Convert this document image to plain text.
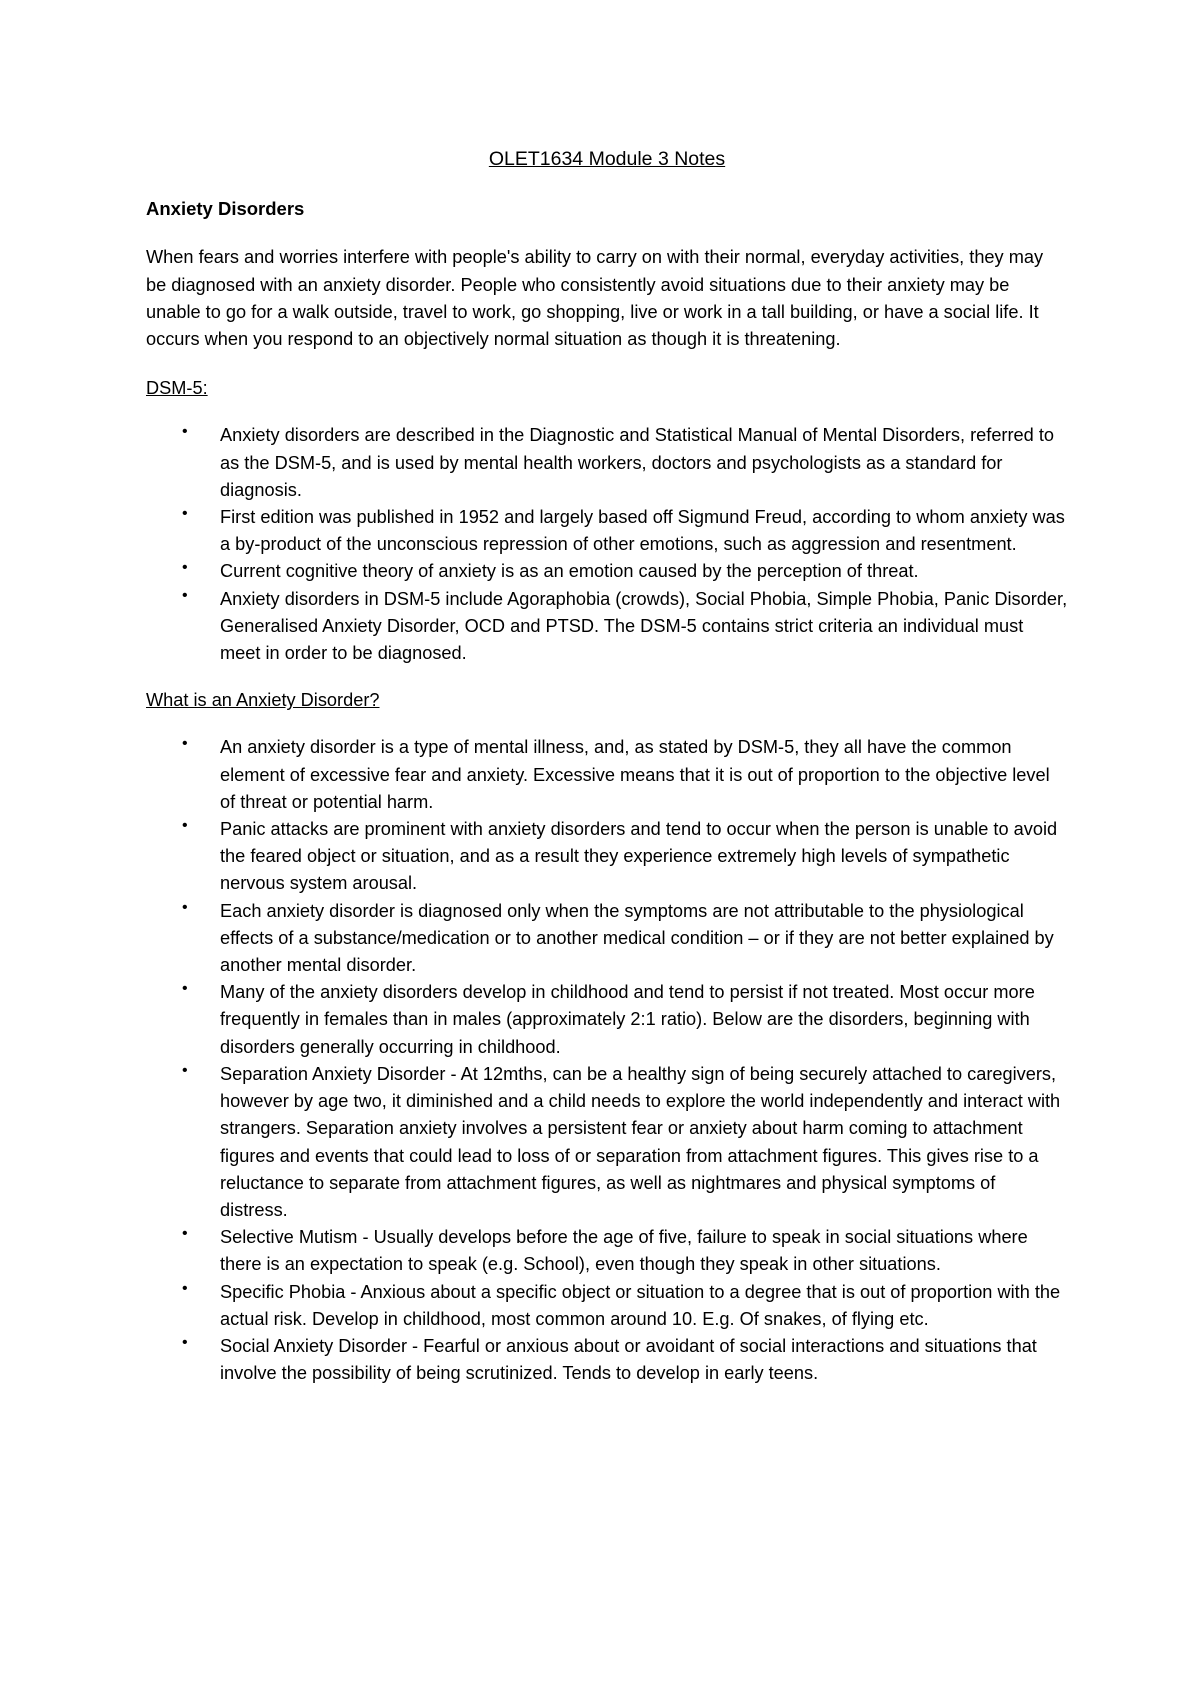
OLET1634 Module 3 Notes
Anxiety Disorders

When fears and worries interfere with people's ability to carry on with their normal, everyday activities, they may be diagnosed with an anxiety disorder. People who consistently avoid situations due to their anxiety may be unable to go for a walk outside, travel to work, go shopping, live or work in a tall building, or have a social life. It occurs when you respond to an objectively normal situation as though it is threatening.

DSM-5:
• Anxiety disorders are described in the Diagnostic and Statistical Manual of Mental Disorders, referred to as the DSM-5, and is used by mental health workers, doctors and psychologists as a standard for diagnosis.
• First edition was published in 1952 and largely based off Sigmund Freud, according to whom anxiety was a by-product of the unconscious repression of other emotions, such as aggression and resentment.
• Current cognitive theory of anxiety is as an emotion caused by the perception of threat.
• Anxiety disorders in DSM-5 include Agoraphobia (crowds), Social Phobia, Simple Phobia, Panic Disorder, Generalised Anxiety Disorder, OCD and PTSD. The DSM-5 contains strict criteria an individual must meet in order to be diagnosed.
What is an Anxiety Disorder?
• An anxiety disorder is a type of mental illness, and, as stated by DSM-5, they all have the common element of excessive fear and anxiety. Excessive means that it is out of proportion to the objective level of threat or potential harm.
• Panic attacks are prominent with anxiety disorders and tend to occur when the person is unable to avoid the feared object or situation, and as a result they experience extremely high levels of sympathetic nervous system arousal.
• Each anxiety disorder is diagnosed only when the symptoms are not attributable to the physiological effects of a substance/medication or to another medical condition – or if they are not better explained by another mental disorder.
• Many of the anxiety disorders develop in childhood and tend to persist if not treated. Most occur more frequently in females than in males (approximately 2:1 ratio). Below are the disorders, beginning with disorders generally occurring in childhood.
• Separation Anxiety Disorder - At 12mths, can be a healthy sign of being securely attached to caregivers, however by age two, it diminished and a child needs to explore the world independently and interact with strangers. Separation anxiety involves a persistent fear or anxiety about harm coming to attachment figures and events that could lead to loss of or separation from attachment figures. This gives rise to a reluctance to separate from attachment figures, as well as nightmares and physical symptoms of distress.
• Selective Mutism - Usually develops before the age of five, failure to speak in social situations where there is an expectation to speak (e.g. School), even though they speak in other situations.
• Specific Phobia - Anxious about a specific object or situation to a degree that is out of proportion with the actual risk. Develop in childhood, most common around 10. E.g. Of snakes, of flying etc.
• Social Anxiety Disorder - Fearful or anxious about or avoidant of social interactions and situations that involve the possibility of being scrutinized. Tends to develop in early teens.
